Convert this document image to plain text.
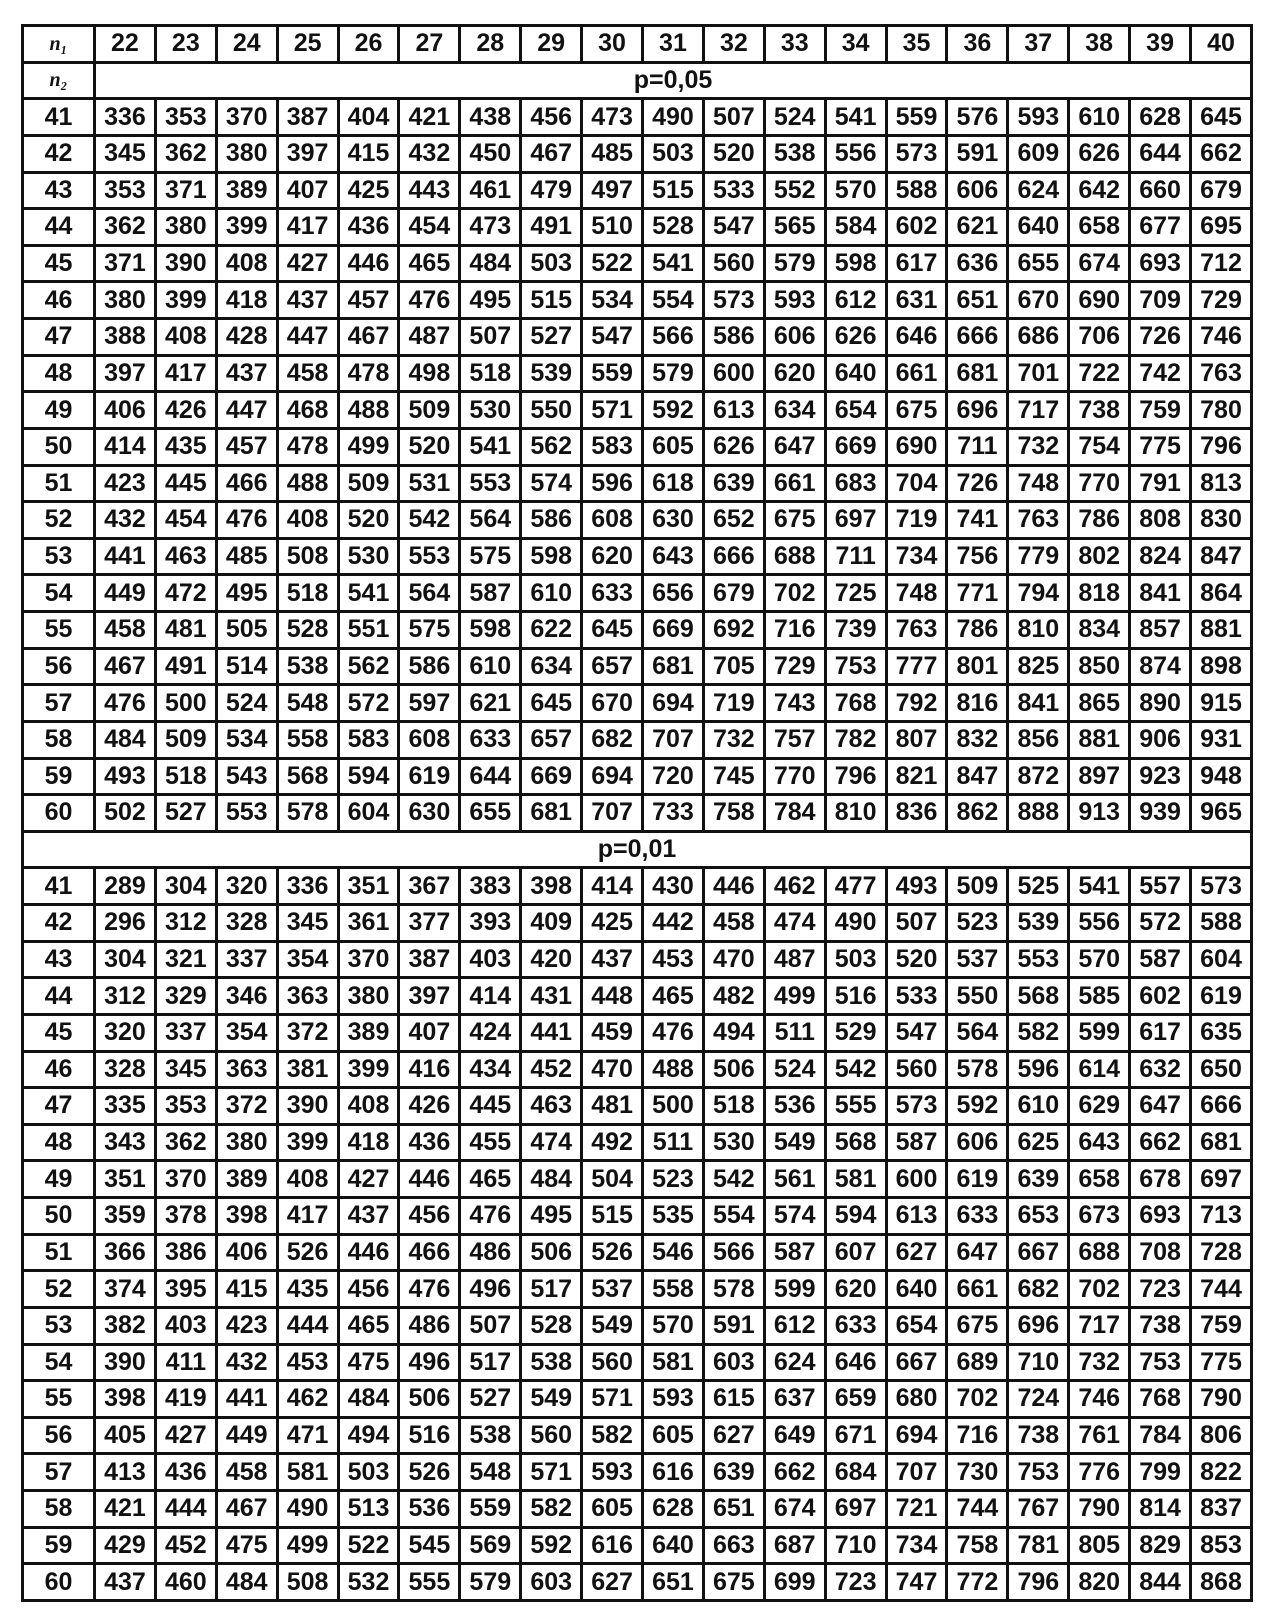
n₁	22	23	24	25	26	27	28	29	30	31	32	33	34	35	36	37	38	39	40
n₂	p=0,05																		
41	336	353	370	387	404	421	438	456	473	490	507	524	541	559	576	593	610	628	645
42	345	362	380	397	415	432	450	467	485	503	520	538	556	573	591	609	626	644	662
43	353	371	389	407	425	443	461	479	497	515	533	552	570	588	606	624	642	660	679
44	362	380	399	417	436	454	473	491	510	528	547	565	584	602	621	640	658	677	695
45	371	390	408	427	446	465	484	503	522	541	560	579	598	617	636	655	674	693	712
46	380	399	418	437	457	476	495	515	534	554	573	593	612	631	651	670	690	709	729
47	388	408	428	447	467	487	507	527	547	566	586	606	626	646	666	686	706	726	746
48	397	417	437	458	478	498	518	539	559	579	600	620	640	661	681	701	722	742	763
49	406	426	447	468	488	509	530	550	571	592	613	634	654	675	696	717	738	759	780
50	414	435	457	478	499	520	541	562	583	605	626	647	669	690	711	732	754	775	796
51	423	445	466	488	509	531	553	574	596	618	639	661	683	704	726	748	770	791	813
52	432	454	476	408	520	542	564	586	608	630	652	675	697	719	741	763	786	808	830
53	441	463	485	508	530	553	575	598	620	643	666	688	711	734	756	779	802	824	847
54	449	472	495	518	541	564	587	610	633	656	679	702	725	748	771	794	818	841	864
55	458	481	505	528	551	575	598	622	645	669	692	716	739	763	786	810	834	857	881
56	467	491	514	538	562	586	610	634	657	681	705	729	753	777	801	825	850	874	898
57	476	500	524	548	572	597	621	645	670	694	719	743	768	792	816	841	865	890	915
58	484	509	534	558	583	608	633	657	682	707	732	757	782	807	832	856	881	906	931
59	493	518	543	568	594	619	644	669	694	720	745	770	796	821	847	872	897	923	948
60	502	527	553	578	604	630	655	681	707	733	758	784	810	836	862	888	913	939	965
p=0,01																			
41	289	304	320	336	351	367	383	398	414	430	446	462	477	493	509	525	541	557	573
42	296	312	328	345	361	377	393	409	425	442	458	474	490	507	523	539	556	572	588
43	304	321	337	354	370	387	403	420	437	453	470	487	503	520	537	553	570	587	604
44	312	329	346	363	380	397	414	431	448	465	482	499	516	533	550	568	585	602	619
45	320	337	354	372	389	407	424	441	459	476	494	511	529	547	564	582	599	617	635
46	328	345	363	381	399	416	434	452	470	488	506	524	542	560	578	596	614	632	650
47	335	353	372	390	408	426	445	463	481	500	518	536	555	573	592	610	629	647	666
48	343	362	380	399	418	436	455	474	492	511	530	549	568	587	606	625	643	662	681
49	351	370	389	408	427	446	465	484	504	523	542	561	581	600	619	639	658	678	697
50	359	378	398	417	437	456	476	495	515	535	554	574	594	613	633	653	673	693	713
51	366	386	406	526	446	466	486	506	526	546	566	587	607	627	647	667	688	708	728
52	374	395	415	435	456	476	496	517	537	558	578	599	620	640	661	682	702	723	744
53	382	403	423	444	465	486	507	528	549	570	591	612	633	654	675	696	717	738	759
54	390	411	432	453	475	496	517	538	560	581	603	624	646	667	689	710	732	753	775
55	398	419	441	462	484	506	527	549	571	593	615	637	659	680	702	724	746	768	790
56	405	427	449	471	494	516	538	560	582	605	627	649	671	694	716	738	761	784	806
57	413	436	458	581	503	526	548	571	593	616	639	662	684	707	730	753	776	799	822
58	421	444	467	490	513	536	559	582	605	628	651	674	697	721	744	767	790	814	837
59	429	452	475	499	522	545	569	592	616	640	663	687	710	734	758	781	805	829	853
60	437	460	484	508	532	555	579	603	627	651	675	699	723	747	772	796	820	844	868
